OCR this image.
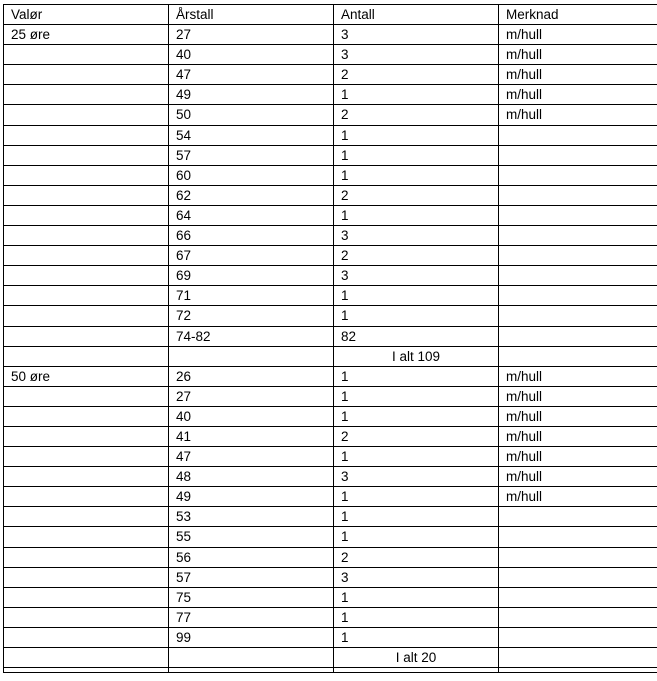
Valør	Årstall	Antall	Merknad
25 øre	27	3	m/hull
	40	3	m/hull
	47	2	m/hull
	49	1	m/hull
	50	2	m/hull
	54	1	
	57	1	
	60	1	
	62	2	
	64	1	
	66	3	
	67	2	
	69	3	
	71	1	
	72	1	
	74-82	82	
		I alt 109	
50 øre	26	1	m/hull
	27	1	m/hull
	40	1	m/hull
	41	2	m/hull
	47	1	m/hull
	48	3	m/hull
	49	1	m/hull
	53	1	
	55	1	
	56	2	
	57	3	
	75	1	
	77	1	
	99	1	
		I alt 20	
